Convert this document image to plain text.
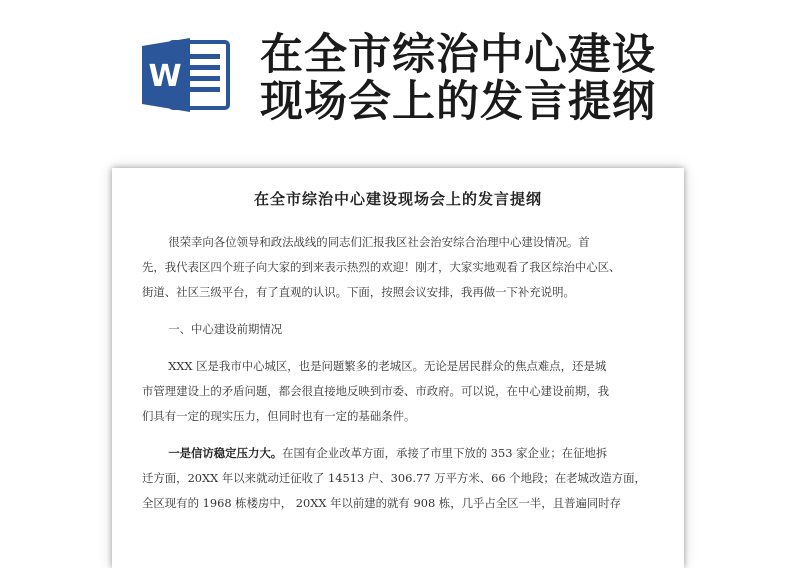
W 在全市综治中心建设
现场会上的发言提纲
在全市综治中心建设现场会上的发言提纲
很荣幸向各位领导和政法战线的同志们汇报我区社会治安综合治理中心建设情况。首
先，我代表区四个班子向大家的到来表示热烈的欢迎！刚才，大家实地观看了我区综治中心区、
街道、社区三级平台，有了直观的认识。下面，按照会议安排，我再做一下补充说明。
一、中心建设前期情况
XXX 区是我市中心城区，也是问题繁多的老城区。无论是居民群众的焦点难点，还是城
市管理建设上的矛盾问题，都会很直接地反映到市委、市政府。可以说，在中心建设前期，我
们具有一定的现实压力，但同时也有一定的基础条件。
一是信访稳定压力大。在国有企业改革方面，承接了市里下放的 353 家企业；在征地拆
迁方面，20XX 年以来就动迁征收了 14513 户、306.77 万平方米、66 个地段；在老城改造方面，
全区现有的 1968 栋楼房中， 20XX 年以前建的就有 908 栋，几乎占全区一半，且普遍同时存
